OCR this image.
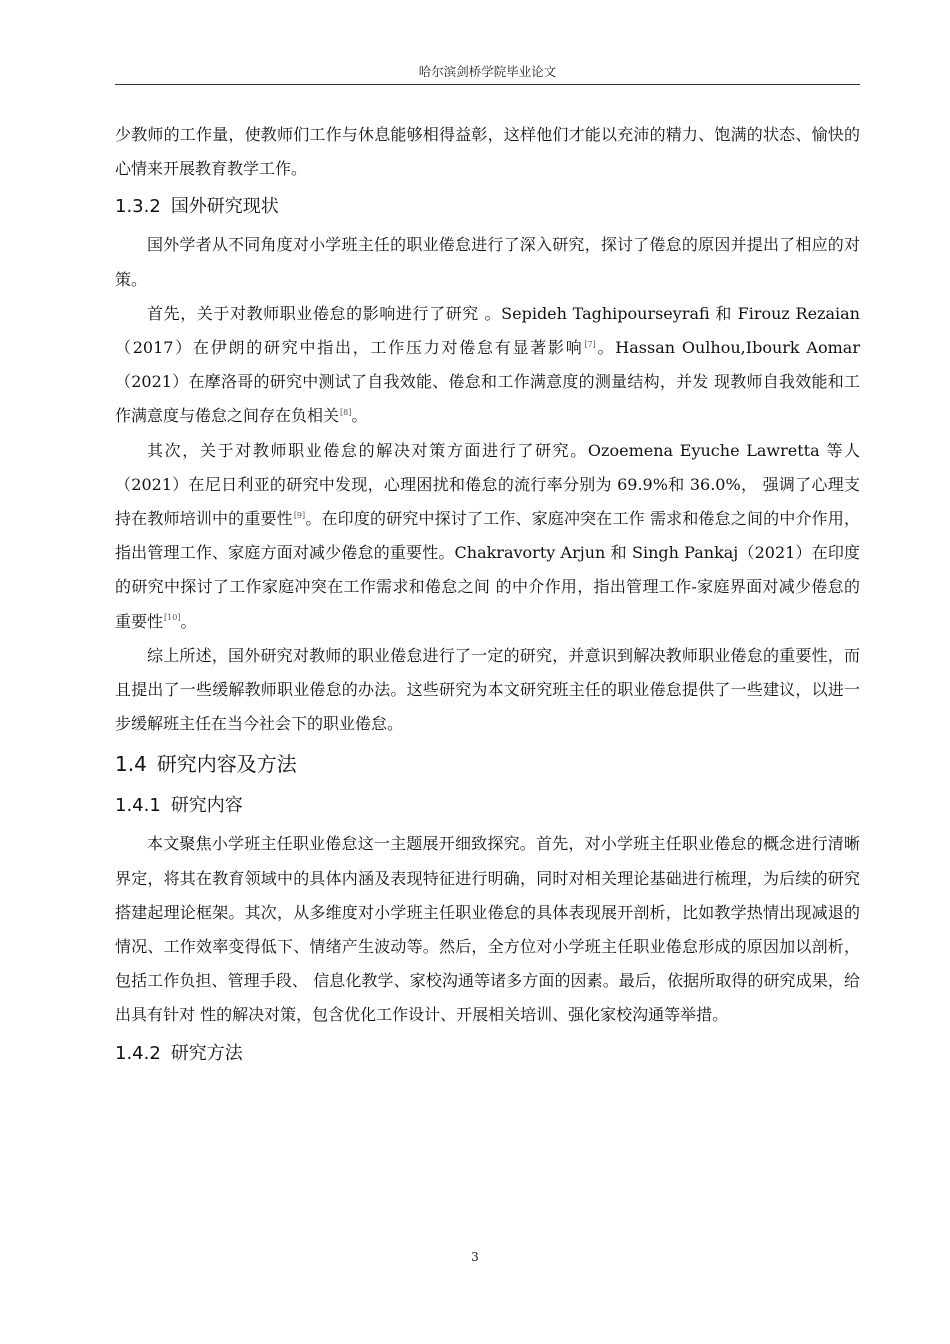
哈尔滨剑桥学院毕业论文

少教师的工作量，使教师们工作与休息能够相得益彰，这样他们才能以充沛的精力、饱满的状态、愉快的心情来开展教育教学工作。

1.3.2 国外研究现状

国外学者从不同角度对小学班主任的职业倦怠进行了深入研究，探讨了倦怠的原因并提出了相应的对策。

首先，关于对教师职业倦怠的影响进行了研究 。Sepideh Taghipourseyrafi 和 Firouz Rezaian（2017）在伊朗的研究中指出，工作压力对倦怠有显著影响[7]。Hassan Oulhou,Ibourk Aomar（2021）在摩洛哥的研究中测试了自我效能、倦怠和工作满意度的测量结构，并发 现教师自我效能和工作满意度与倦怠之间存在负相关[8]。

其次，关于对教师职业倦怠的解决对策方面进行了研究。Ozoemena Eyuche Lawretta 等人（2021）在尼日利亚的研究中发现，心理困扰和倦怠的流行率分别为 69.9%和 36.0%， 强调了心理支持在教师培训中的重要性[9]。在印度的研究中探讨了工作、家庭冲突在工作 需求和倦怠之间的中介作用，指出管理工作、家庭方面对减少倦怠的重要性。Chakravorty Arjun 和 Singh Pankaj（2021）在印度的研究中探讨了工作家庭冲突在工作需求和倦怠之间 的中介作用，指出管理工作-家庭界面对减少倦怠的重要性[10]。

综上所述，国外研究对教师的职业倦怠进行了一定的研究，并意识到解决教师职业倦怠的重要性，而且提出了一些缓解教师职业倦怠的办法。这些研究为本文研究班主任的职业倦怠提供了一些建议，以进一步缓解班主任在当今社会下的职业倦怠。

1.4 研究内容及方法
1.4.1 研究内容

本文聚焦小学班主任职业倦怠这一主题展开细致探究。首先，对小学班主任职业倦怠的概念进行清晰界定，将其在教育领域中的具体内涵及表现特征进行明确，同时对相关理论基础进行梳理，为后续的研究搭建起理论框架。其次，从多维度对小学班主任职业倦怠的具体表现展开剖析，比如教学热情出现减退的情况、工作效率变得低下、情绪产生波动等。然后，全方位对小学班主任职业倦怠形成的原因加以剖析，包括工作负担、管理手段、 信息化教学、家校沟通等诸多方面的因素。最后，依据所取得的研究成果，给出具有针对 性的解决对策，包含优化工作设计、开展相关培训、强化家校沟通等举措。

1.4.2 研究方法
3
